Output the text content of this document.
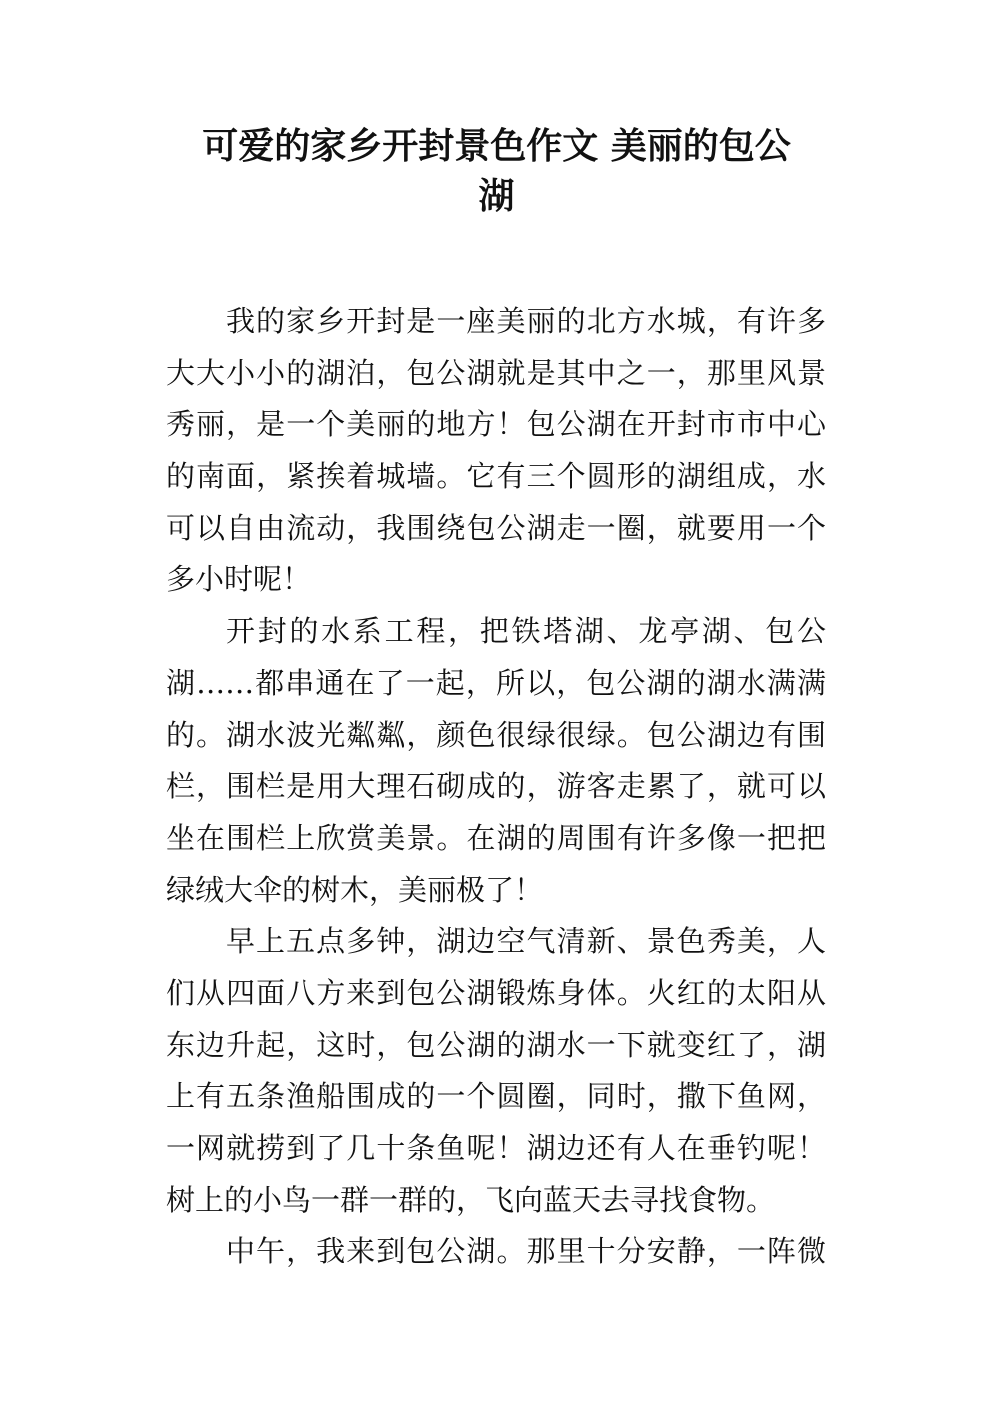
可爱的家乡开封景色作文 美丽的包公
湖
我的家乡开封是一座美丽的北方水城，有许多
大大小小的湖泊，包公湖就是其中之一，那里风景
秀丽，是一个美丽的地方！包公湖在开封市市中心
的南面，紧挨着城墙。它有三个圆形的湖组成，水
可以自由流动，我围绕包公湖走一圈，就要用一个
多小时呢！
开封的水系工程，把铁塔湖、龙亭湖、包公
湖……都串通在了一起，所以，包公湖的湖水满满
的。湖水波光粼粼，颜色很绿很绿。包公湖边有围
栏，围栏是用大理石砌成的，游客走累了，就可以
坐在围栏上欣赏美景。在湖的周围有许多像一把把
绿绒大伞的树木，美丽极了！
早上五点多钟，湖边空气清新、景色秀美，人
们从四面八方来到包公湖锻炼身体。火红的太阳从
东边升起，这时，包公湖的湖水一下就变红了，湖
上有五条渔船围成的一个圆圈，同时，撒下鱼网，
一网就捞到了几十条鱼呢！湖边还有人在垂钓呢！
树上的小鸟一群一群的，飞向蓝天去寻找食物。
中午，我来到包公湖。那里十分安静，一阵微
